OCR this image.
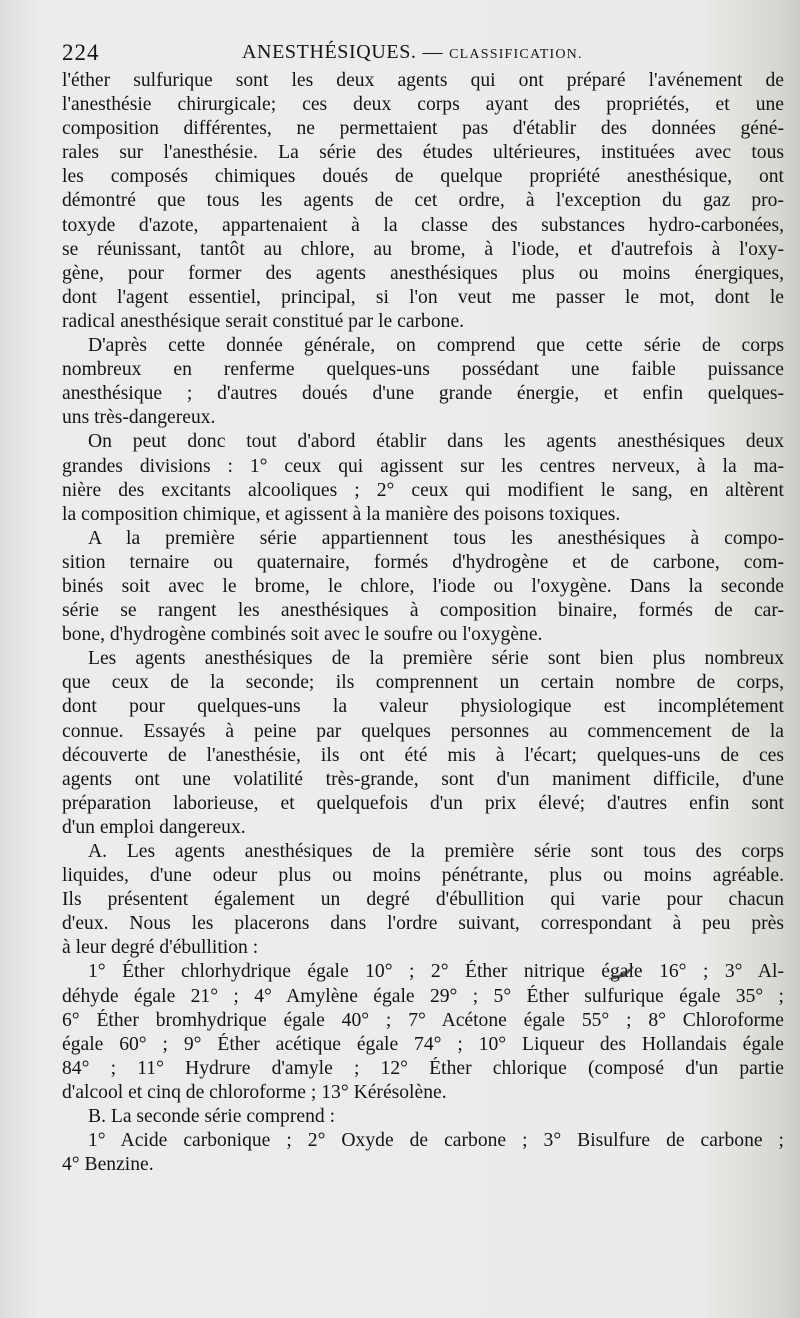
224	ANESTHÉSIQUES. — CLASSIFICATION.
l'éther sulfurique sont les deux agents qui ont préparé l'avénement de
l'anesthésie chirurgicale; ces deux corps ayant des propriétés, et une
composition différentes, ne permettaient pas d'établir des données géné-
rales sur l'anesthésie. La série des études ultérieures, instituées avec tous
les composés chimiques doués de quelque propriété anesthésique, ont
démontré que tous les agents de cet ordre, à l'exception du gaz pro-
toxyde d'azote, appartenaient à la classe des substances hydro-carbonées,
se réunissant, tantôt au chlore, au brome, à l'iode, et d'autrefois à l'oxy-
gène, pour former des agents anesthésiques plus ou moins énergiques,
dont l'agent essentiel, principal, si l'on veut me passer le mot, dont le
radical anesthésique serait constitué par le carbone.
D'après cette donnée générale, on comprend que cette série de corps
nombreux en renferme quelques-uns possédant une faible puissance
anesthésique ; d'autres doués d'une grande énergie, et enfin quelques-
uns très-dangereux.
On peut donc tout d'abord établir dans les agents anesthésiques deux
grandes divisions : 1° ceux qui agissent sur les centres nerveux, à la ma-
nière des excitants alcooliques ; 2° ceux qui modifient le sang, en altèrent
la composition chimique, et agissent à la manière des poisons toxiques.
A la première série appartiennent tous les anesthésiques à compo-
sition ternaire ou quaternaire, formés d'hydrogène et de carbone, com-
binés soit avec le brome, le chlore, l'iode ou l'oxygène. Dans la seconde
série se rangent les anesthésiques à composition binaire, formés de car-
bone, d'hydrogène combinés soit avec le soufre ou l'oxygène.
Les agents anesthésiques de la première série sont bien plus nombreux
que ceux de la seconde; ils comprennent un certain nombre de corps,
dont pour quelques-uns la valeur physiologique est incomplétement
connue. Essayés à peine par quelques personnes au commencement de la
découverte de l'anesthésie, ils ont été mis à l'écart; quelques-uns de ces
agents ont une volatilité très-grande, sont d'un maniment difficile, d'une
préparation laborieuse, et quelquefois d'un prix élevé; d'autres enfin sont
d'un emploi dangereux.
A. Les agents anesthésiques de la première série sont tous des corps
liquides, d'une odeur plus ou moins pénétrante, plus ou moins agréable.
Ils présentent également un degré d'ébullition qui varie pour chacun
d'eux. Nous les placerons dans l'ordre suivant, correspondant à peu près
à leur degré d'ébullition :
1° Éther chlorhydrique égale 10° ; 2° Éther nitrique égale 16° ; 3° Al-
déhyde égale 21° ; 4° Amylène égale 29° ; 5° Éther sulfurique égale 35° ;
6° Éther bromhydrique égale 40° ; 7° Acétone égale 55° ; 8° Chloroforme
égale 60° ; 9° Éther acétique égale 74° ; 10° Liqueur des Hollandais égale
84° ; 11° Hydrure d'amyle ; 12° Éther chlorique (composé d'un partie
d'alcool et cinq de chloroforme ; 13° Kérésolène.
B. La seconde série comprend :
1° Acide carbonique ; 2° Oxyde de carbone ; 3° Bisulfure de carbone ;
4° Benzine.
